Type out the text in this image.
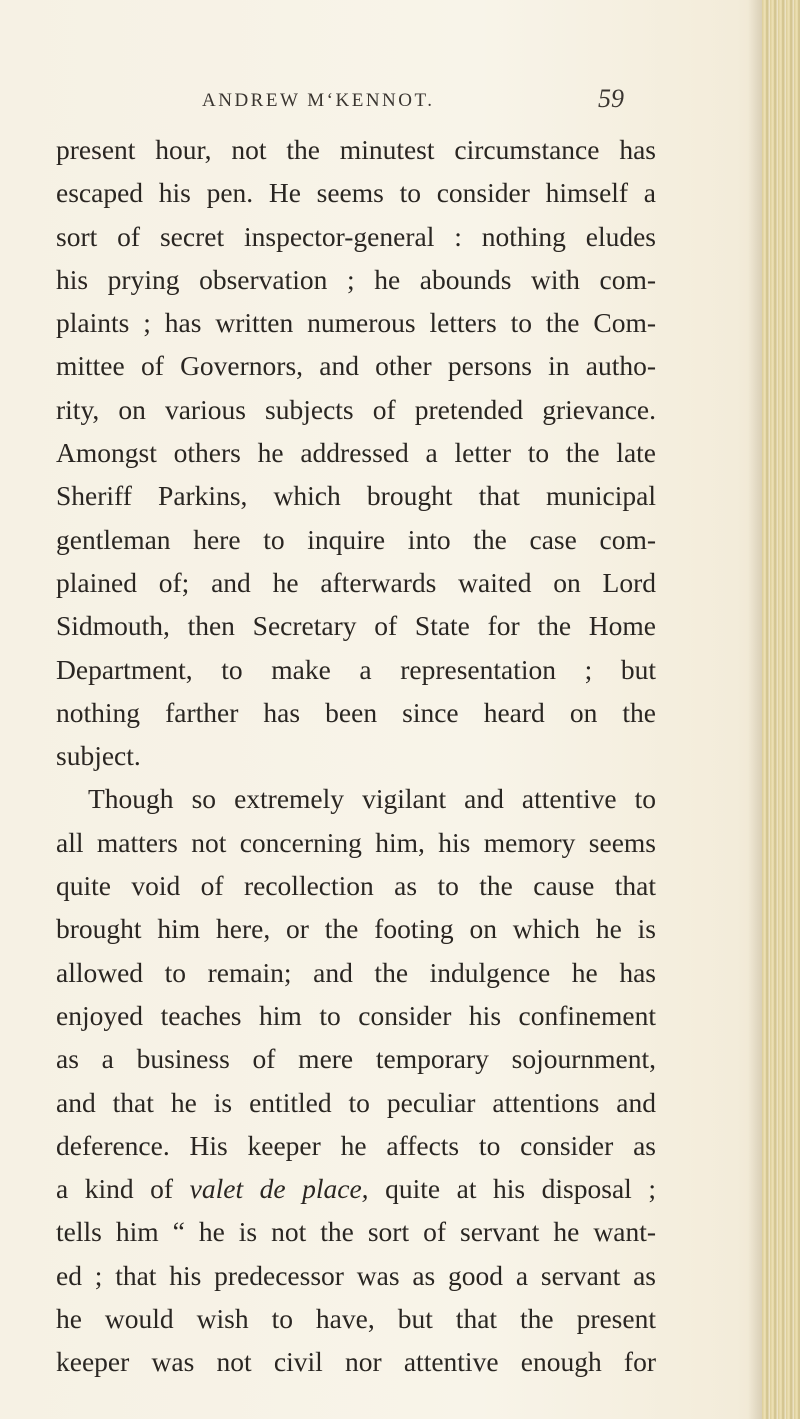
ANDREW M‘KENNOT.	59
present hour, not the minutest circumstance has
escaped his pen. He seems to consider himself a
sort of secret inspector-general : nothing eludes
his prying observation ; he abounds with com-
plaints ; has written numerous letters to the Com-
mittee of Governors, and other persons in autho-
rity, on various subjects of pretended grievance.
Amongst others he addressed a letter to the late
Sheriff Parkins, which brought that municipal
gentleman here to inquire into the case com-
plained of; and he afterwards waited on Lord
Sidmouth, then Secretary of State for the Home
Department, to make a representation ; but
nothing farther has been since heard on the
subject.
Though so extremely vigilant and attentive to
all matters not concerning him, his memory seems
quite void of recollection as to the cause that
brought him here, or the footing on which he is
allowed to remain; and the indulgence he has
enjoyed teaches him to consider his confinement
as a business of mere temporary sojournment,
and that he is entitled to peculiar attentions and
deference. His keeper he affects to consider as
a kind of valet de place, quite at his disposal ;
tells him “ he is not the sort of servant he want-
ed ; that his predecessor was as good a servant as
he would wish to have, but that the present
keeper was not civil nor attentive enough for
